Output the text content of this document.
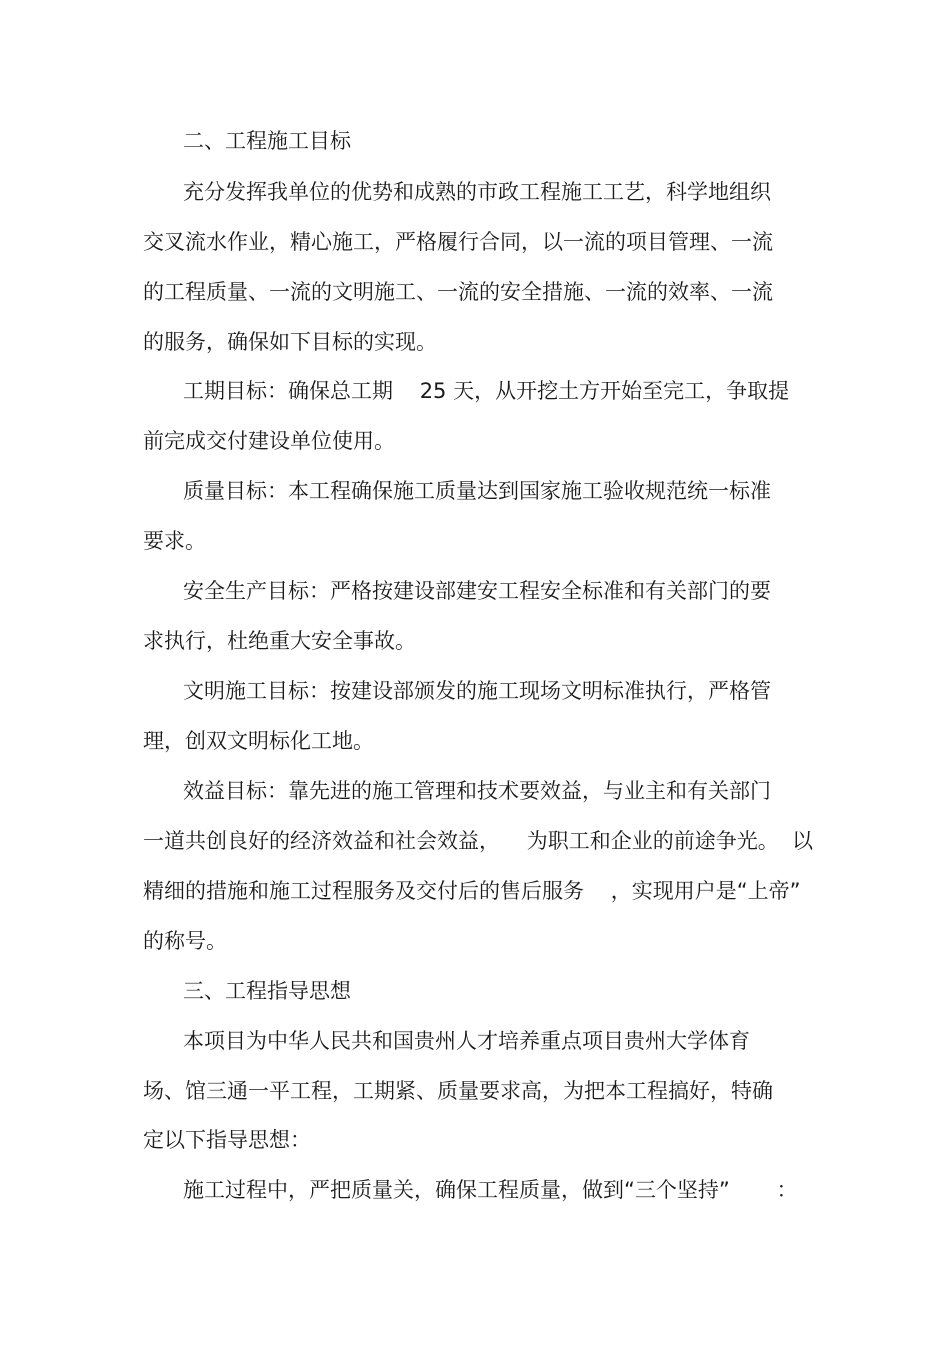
二、工程施工目标
充分发挥我单位的优势和成熟的市政工程施工工艺，科学地组织
交叉流水作业，精心施工，严格履行合同，以一流的项目管理、一流
的工程质量、一流的文明施工、一流的安全措施、一流的效率、一流
的服务，确保如下目标的实现。
工期目标：确保总工期    25 天，从开挖土方开始至完工，争取提
前完成交付建设单位使用。
质量目标：本工程确保施工质量达到国家施工验收规范统一标准
要求。
安全生产目标：严格按建设部建安工程安全标准和有关部门的要
求执行，杜绝重大安全事故。
文明施工目标：按建设部颁发的施工现场文明标准执行，严格管
理，创双文明标化工地。
效益目标：靠先进的施工管理和技术要效益，与业主和有关部门
一道共创良好的经济效益和社会效益，    为职工和企业的前途争光。  以
精细的措施和施工过程服务及交付后的售后服务    ，实现用户是“上帝”
的称号。
三、工程指导思想
本项目为中华人民共和国贵州人才培养重点项目贵州大学体育
场、馆三通一平工程，工期紧、质量要求高，为把本工程搞好，特确
定以下指导思想：
施工过程中，严把质量关，确保工程质量，做到“三个坚持”       ：
